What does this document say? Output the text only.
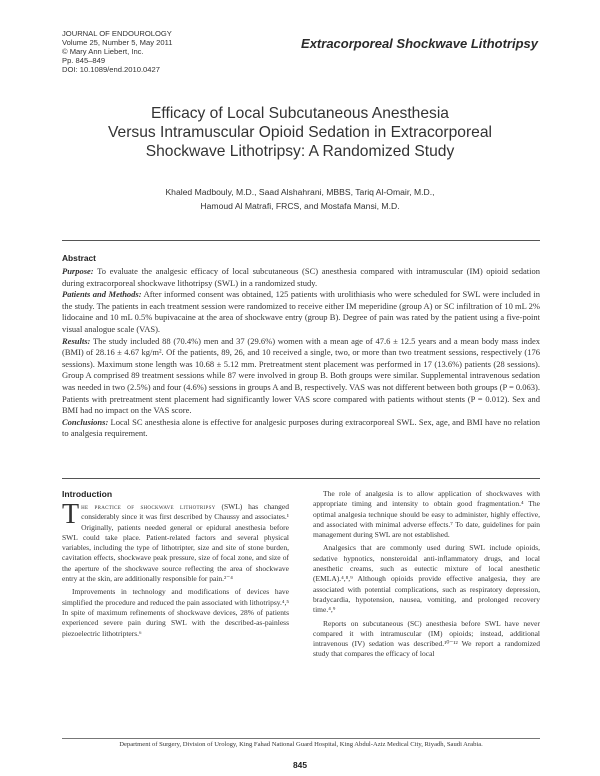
JOURNAL OF ENDOUROLOGY
Volume 25, Number 5, May 2011
© Mary Ann Liebert, Inc.
Pp. 845–849
DOI: 10.1089/end.2010.0427
Extracorporeal Shockwave Lithotripsy
Efficacy of Local Subcutaneous Anesthesia
Versus Intramuscular Opioid Sedation in Extracorporeal
Shockwave Lithotripsy: A Randomized Study
Khaled Madbouly, M.D., Saad Alshahrani, MBBS, Tariq Al-Omair, M.D.,
Hamoud Al Matrafi, FRCS, and Mostafa Mansi, M.D.
Abstract

Purpose: To evaluate the analgesic efficacy of local subcutaneous (SC) anesthesia compared with intramuscular (IM) opioid sedation during extracorporeal shockwave lithotripsy (SWL) in a randomized study.

Patients and Methods: After informed consent was obtained, 125 patients with urolithiasis who were scheduled for SWL were included in the study. The patients in each treatment session were randomized to receive either IM meperidine (group A) or SC infiltration of 10 mL 2% lidocaine and 10 mL 0.5% bupivacaine at the area of shockwave entry (group B). Degree of pain was rated by the patient using a five-point visual analogue scale (VAS).

Results: The study included 88 (70.4%) men and 37 (29.6%) women with a mean age of 47.6 ± 12.5 years and a mean body mass index (BMI) of 28.16 ± 4.67 kg/m². Of the patients, 89, 26, and 10 received a single, two, or more than two treatment sessions, respectively (176 sessions). Maximum stone length was 10.68 ± 5.12 mm. Pretreatment stent placement was performed in 17 (13.6%) patients (28 sessions). Group A comprised 89 treatment sessions while 87 were involved in group B. Both groups were similar. Supplemental intravenous sedation was needed in two (2.5%) and four (4.6%) sessions in groups A and B, respectively. VAS was not different between both groups (P = 0.063). Patients with pretreatment stent placement had significantly lower VAS score compared with patients without stents (P = 0.012). Sex and BMI had no impact on the VAS score.

Conclusions: Local SC anesthesia alone is effective for analgesic purposes during extracorporeal SWL. Sex, age, and BMI have no relation to analgesia requirement.

Introduction

The practice of shockwave lithotripsy (SWL) has changed considerably since it was first described by Chaussy and associates.¹ Originally, patients needed general or epidural anesthesia before SWL could take place. Patient-related factors and several physical variables, including the type of lithotripter, size and site of stone burden, cavitation effects, shockwave peak pressure, size of focal zone, and size of the aperture of the shockwave source reflecting the area of shockwave entry at the skin, are additionally responsible for pain.²⁻⁴

Improvements in technology and modifications of devices have simplified the procedure and reduced the pain associated with lithotripsy.⁴,⁵ In spite of maximum refinements of shockwave devices, 28% of patients experienced severe pain during SWL with the described-as-painless piezoelectric lithotripters.⁶

The role of analgesia is to allow application of shockwaves with appropriate timing and intensity to obtain good fragmentation.⁴ The optimal analgesia technique should be easy to administer, highly effective, and associated with minimal adverse effects.⁷ To date, guidelines for pain management during SWL are not established.

Analgesics that are commonly used during SWL include opioids, sedative hypnotics, nonsteroidal anti-inflammatory drugs, and local anesthetic creams, such as eutectic mixture of local anesthetic (EMLA).⁴,⁸,⁹ Although opioids provide effective analgesia, they are associated with potential complications, such as respiratory depression, bradycardia, hypotension, nausea, vomiting, and prolonged recovery time.⁴,⁹

Reports on subcutaneous (SC) anesthesia before SWL have never compared it with intramuscular (IM) opioids; instead, additional intravenous (IV) sedation was described.¹⁰⁻¹² We report a randomized study that compares the efficacy of local

Department of Surgery, Division of Urology, King Fahad National Guard Hospital, King Abdul-Aziz Medical City, Riyadh, Saudi Arabia.
845
